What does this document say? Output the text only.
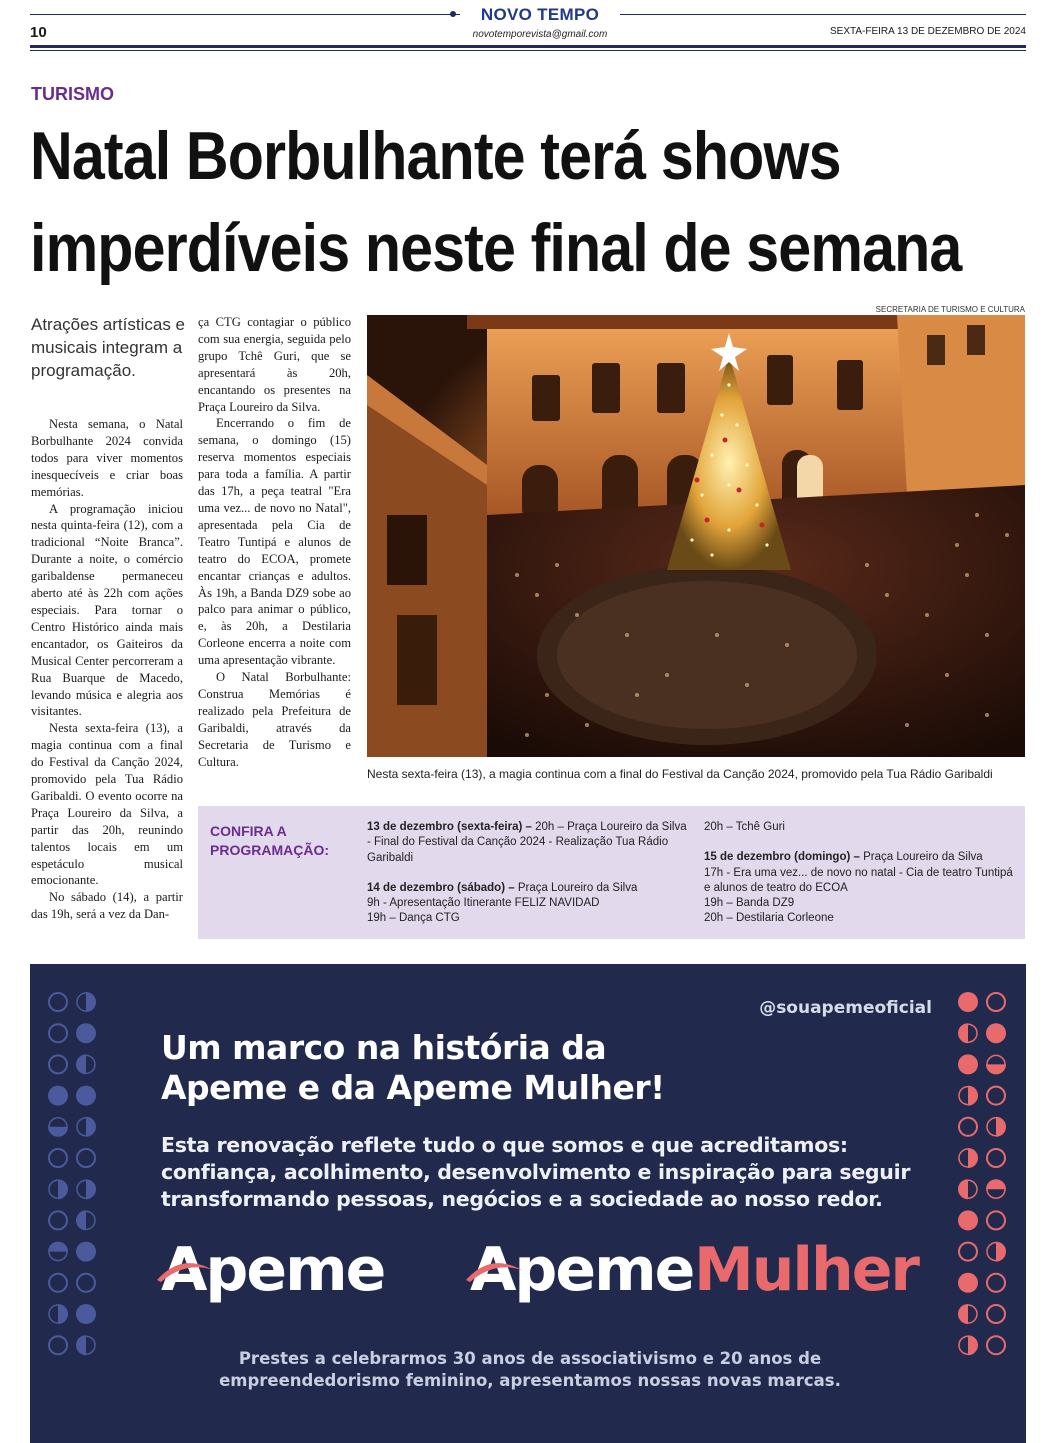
NOVO TEMPO
novotemporevista@gmail.com
10	SEXTA-FEIRA 13 DE DEZEMBRO DE 2024
TURISMO
Natal Borbulhante terá shows
imperdíveis neste final de semana

Atrações artísticas e musicais integram a programação.

Nesta semana, o Natal Borbulhante 2024 convida todos para viver momentos inesquecíveis e criar boas memórias.

A programação iniciou nesta quinta-feira (12), com a tradicional “Noite Branca”. Durante a noite, o comércio garibaldense permaneceu aberto até às 22h com ações especiais. Para tornar o Centro Histórico ainda mais encantador, os Gaiteiros da Musical Center percorreram a Rua Buarque de Macedo, levando música e alegria aos visitantes.

Nesta sexta-feira (13), a magia continua com a final do Festival da Canção 2024, promovido pela Tua Rádio Garibaldi. O evento ocorre na Praça Loureiro da Silva, a partir das 20h, reunindo talentos locais em um espetáculo musical emocionante.

No sábado (14), a partir das 19h, será a vez da Dan-

ça CTG contagiar o público com sua energia, seguida pelo grupo Tchê Guri, que se apresentará às 20h, encantando os presentes na Praça Loureiro da Silva.

Encerrando o fim de semana, o domingo (15) reserva momentos especiais para toda a família. A partir das 17h, a peça teatral "Era uma vez... de novo no Natal", apresentada pela Cia de Teatro Tuntipá e alunos de teatro do ECOA, promete encantar crianças e adultos. Às 19h, a Banda DZ9 sobe ao palco para animar o público, e, às 20h, a Destilaria Corleone encerra a noite com uma apresentação vibrante.

O Natal Borbulhante: Construa Memórias é realizado pela Prefeitura de Garibaldi, através da Secretaria de Turismo e Cultura.

SECRETARIA DE TURISMO E CULTURA
Nesta sexta-feira (13), a magia continua com a final do Festival da Canção 2024, promovido pela Tua Rádio Garibaldi
CONFIRA A
PROGRAMAÇÃO:

13 de dezembro (sexta-feira) – 20h – Praça Loureiro da Silva - Final do Festival da Canção 2024 - Realização Tua Rádio Garibaldi

14 de dezembro (sábado) – Praça Loureiro da Silva

9h - Apresentação Itinerante FELIZ NAVIDAD

19h – Dança CTG

20h – Tchê Guri

15 de dezembro (domingo) – Praça Loureiro da Silva

17h - Era uma vez... de novo no natal - Cia de teatro Tuntipá e alunos de teatro do ECOA

19h – Banda DZ9

20h – Destilaria Corleone

@souapemeoficial
Um marco na história da
Apeme e da Apeme Mulher!

Esta renovação reflete tudo o que somos e que acreditamos:
confiança, acolhimento, desenvolvimento e inspiração para seguir
transformando pessoas, negócios e a sociedade ao nosso redor.

Apeme Apeme Mulher

Prestes a celebrarmos 30 anos de associativismo e 20 anos de
empreendedorismo feminino, apresentamos nossas novas marcas.
